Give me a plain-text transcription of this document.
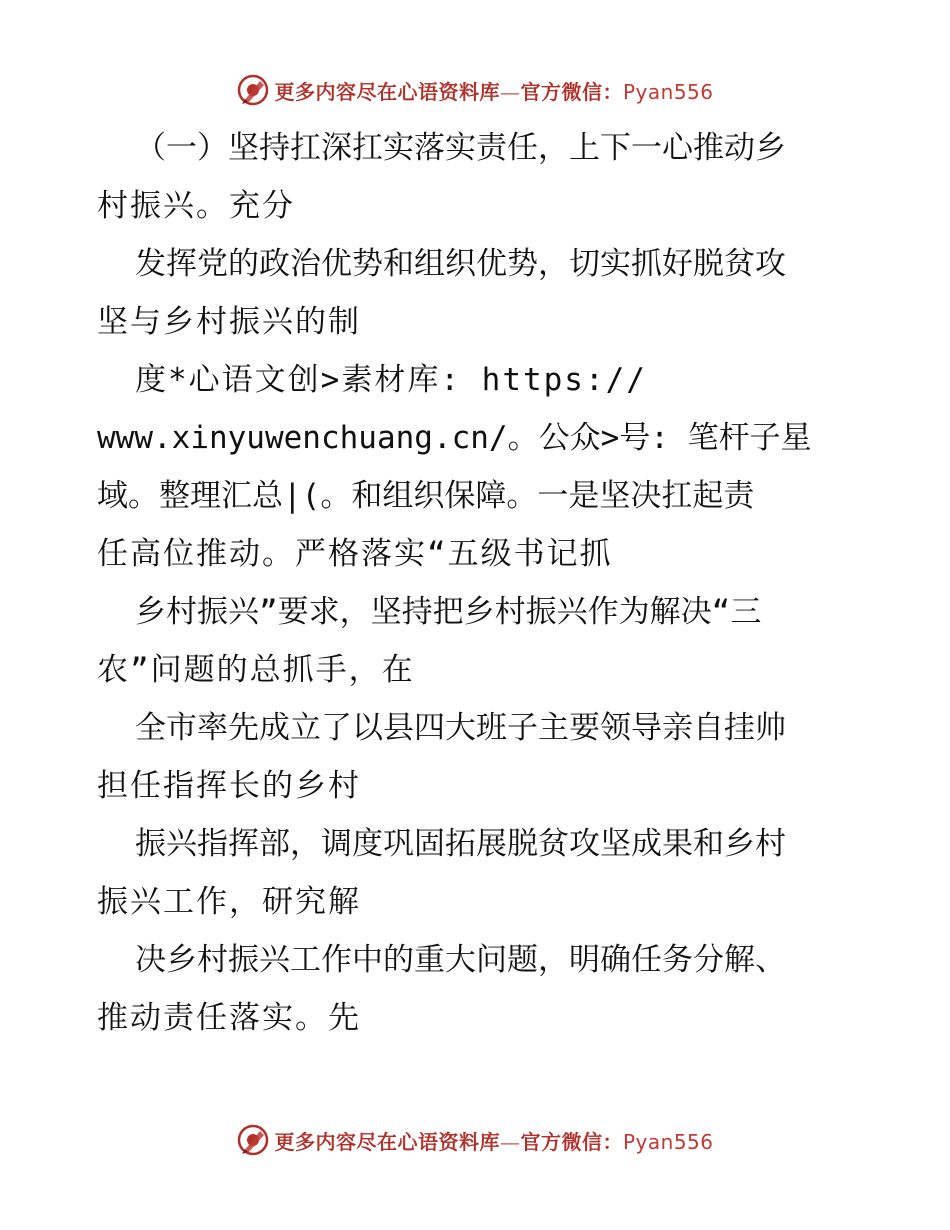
更多内容尽在心语资料库—官方微信：Pyan556
（一）坚持扛深扛实落实责任，上下一心推动乡
村振兴。充分
发挥党的政治优势和组织优势，切实抓好脱贫攻
坚与乡村振兴的制
度*心语文创>素材库: https://
www.xinyuwenchuang.cn/。公众>号: 笔杆子星
域。整理汇总|(。和组织保障。一是坚决扛起责
任高位推动。严格落实“五级书记抓
乡村振兴”要求，坚持把乡村振兴作为解决“三
农”问题的总抓手，在
全市率先成立了以县四大班子主要领导亲自挂帅
担任指挥长的乡村
振兴指挥部，调度巩固拓展脱贫攻坚成果和乡村
振兴工作，研究解
决乡村振兴工作中的重大问题，明确任务分解、
推动责任落实。先
更多内容尽在心语资料库—官方微信：Pyan556
